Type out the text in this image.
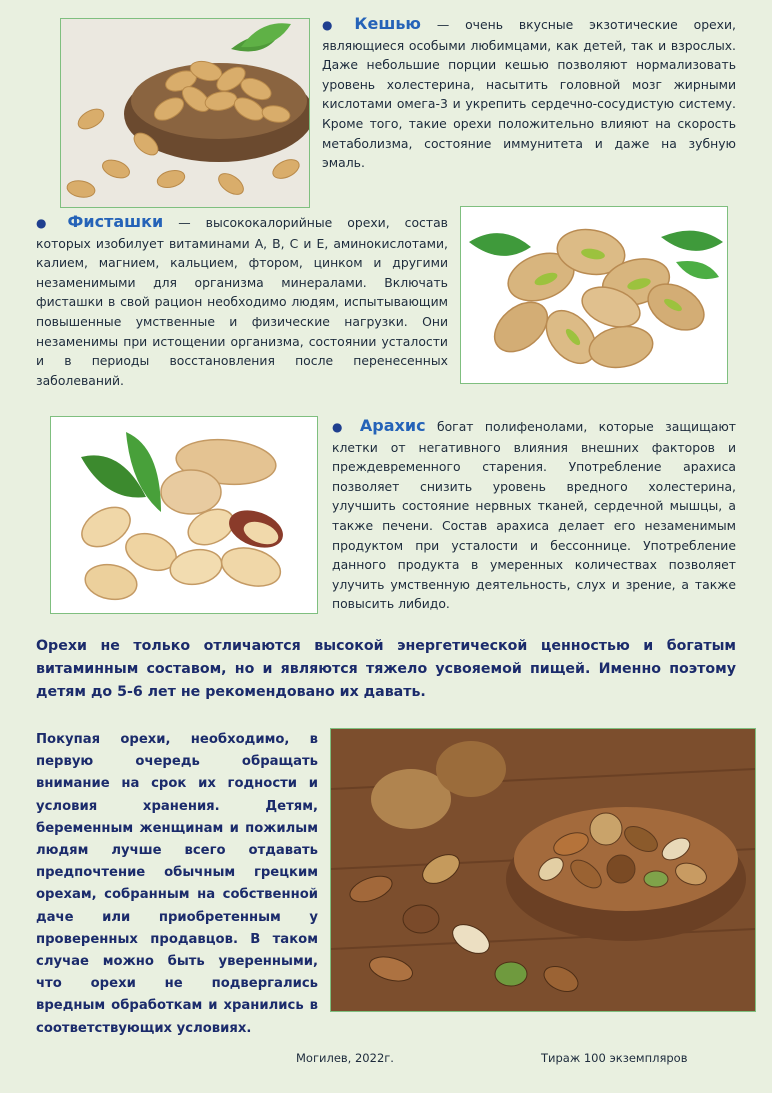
● Кешью — очень вкусные экзотические орехи, являющиеся особыми любимцами, как детей, так и взрослых. Даже небольшие порции кешью позволяют нормализовать уровень холестерина, насытить головной мозг жирными кислотами омега-3 и укрепить сердечно-сосудистую систему. Кроме того, такие орехи положительно влияют на скорость метаболизма, состояние иммунитета и даже на зубную эмаль.
● Фисташки — высококалорийные орехи, состав которых изобилует витаминами A, B, C и E, аминокислотами, калием, магнием, кальцием, фтором, цинком и другими незаменимыми для организма минералами. Включать фисташки в свой рацион необходимо людям, испытывающим повышенные умственные и физические нагрузки. Они незаменимы при истощении организма, состоянии усталости и в периоды восстановления после перенесенных заболеваний.
● Арахис богат полифенолами, которые защищают клетки от негативного влияния внешних факторов и преждевременного старения. Употребление арахиса позволяет снизить уровень вредного холестерина, улучшить состояние нервных тканей, сердечной мышцы, а также печени. Состав арахиса делает его незаменимым продуктом при усталости и бессоннице. Употребление данного продукта в умеренных количествах позволяет улучить умственную деятельность, слух и зрение, а также повысить либидо.
Орехи не только отличаются высокой энергетической ценностью и богатым витаминным составом, но и являются тяжело усвояемой пищей. Именно поэтому детям до 5-6 лет не рекомендовано их давать.
Покупая орехи, необходимо, в первую очередь обращать внимание на срок их годности и условия хранения. Детям, беременным женщинам и пожилым людям лучше всего отдавать предпочтение обычным грецким орехам, собранным на собственной даче или приобретенным у проверенных продавцов. В таком случае можно быть уверенными, что орехи не подвергались вредным обработкам и хранились в соответствующих условиях.
Могилев, 2022г.	Тираж 100 экземпляров
